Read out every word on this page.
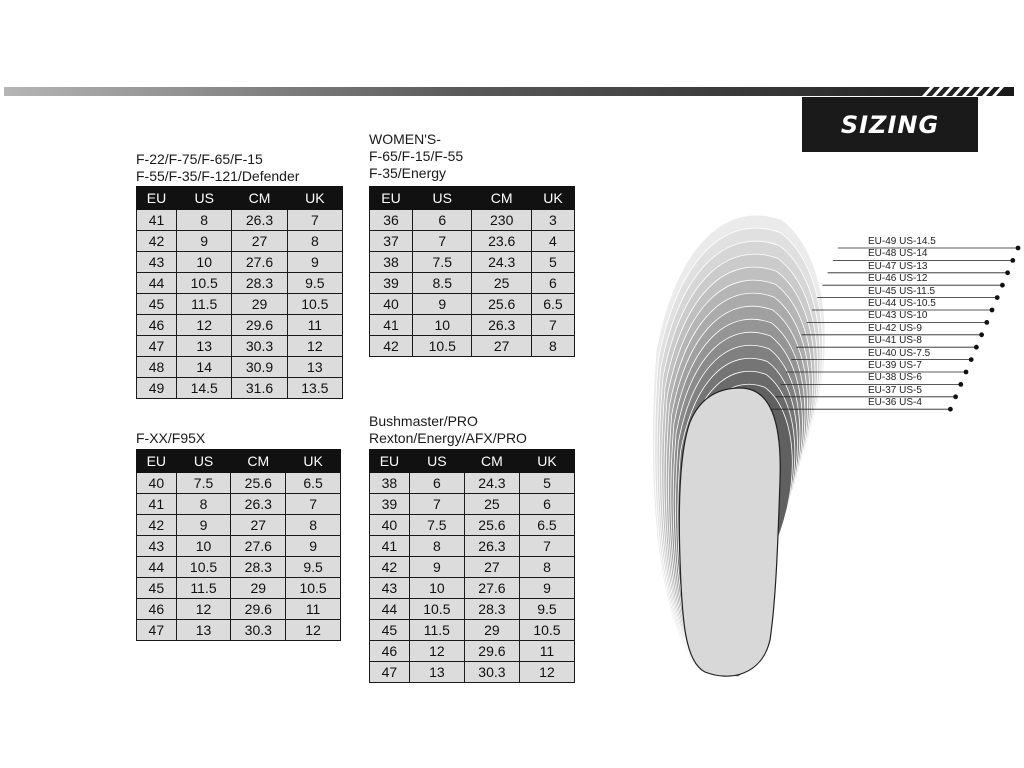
SIZING
F-22/F-75/F-65/F-15
F-55/F-35/F-121/Defender
WOMEN'S-
F-65/F-15/F-55
F-35/Energy
F-XX/F95X
Bushmaster/PRO
Rexton/Energy/AFX/PRO
EU	US	CM	UK
41	8	26.3	7
42	9	27	8
43	10	27.6	9
44	10.5	28.3	9.5
45	11.5	29	10.5
46	12	29.6	11
47	13	30.3	12
48	14	30.9	13
49	14.5	31.6	13.5
EU	US	CM	UK
36	6	230	3
37	7	23.6	4
38	7.5	24.3	5
39	8.5	25	6
40	9	25.6	6.5
41	10	26.3	7
42	10.5	27	8
EU	US	CM	UK
40	7.5	25.6	6.5
41	8	26.3	7
42	9	27	8
43	10	27.6	9
44	10.5	28.3	9.5
45	11.5	29	10.5
46	12	29.6	11
47	13	30.3	12
EU	US	CM	UK
38	6	24.3	5
39	7	25	6
40	7.5	25.6	6.5
41	8	26.3	7
42	9	27	8
43	10	27.6	9
44	10.5	28.3	9.5
45	11.5	29	10.5
46	12	29.6	11
47	13	30.3	12
EU-49 US-14.5
EU-48 US-14
EU-47 US-13
EU-46 US-12
EU-45 US-11.5
EU-44 US-10.5
EU-43 US-10
EU-42 US-9
EU-41 US-8
EU-40 US-7.5
EU-39 US-7
EU-38 US-6
EU-37 US-5
EU-36 US-4
